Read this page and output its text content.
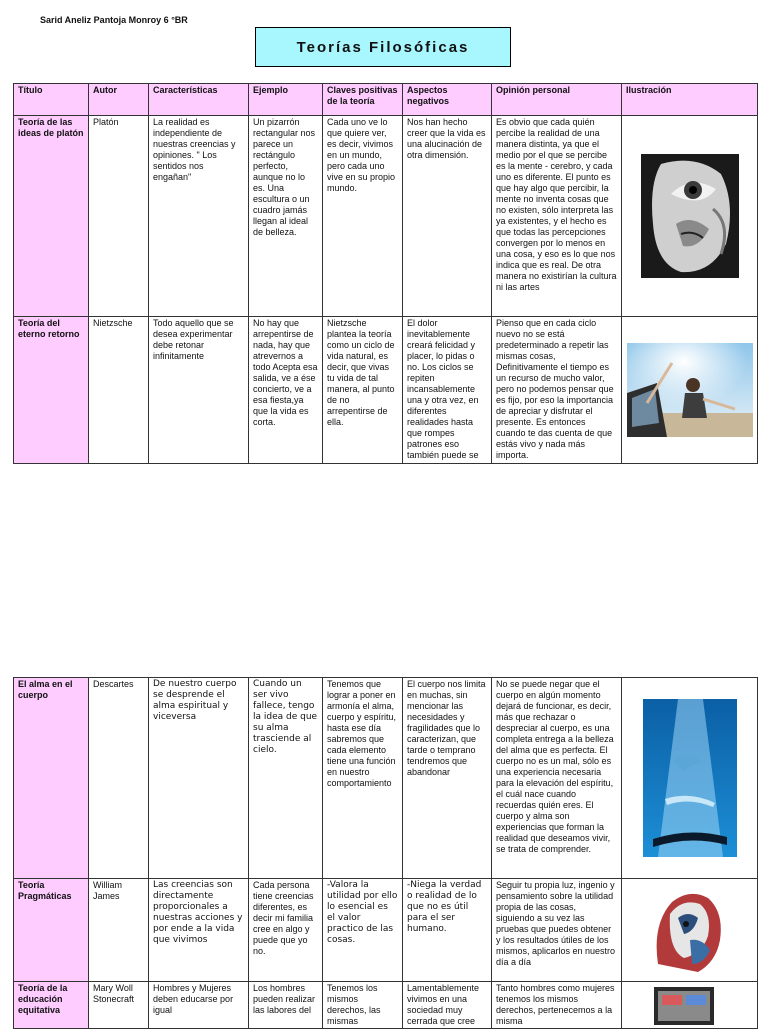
Sarid Aneliz Pantoja Monroy 6 °BR
Teorías Filosóficas
Título	Autor	Características	Ejemplo	Claves positivas de la teoría	Aspectos negativos	Opinión personal	Ilustración
Teoría de las ideas de platón	Platón	La realidad es independiente de nuestras creencias y opiniones. " Los sentidos nos engañan"	Un pizarrón rectangular nos parece un rectángulo perfecto, aunque no lo es. Una escultura o un cuadro jamás llegan al ideal de belleza.	Cada uno ve lo que quiere ver, es decir, vivimos en un mundo, pero cada uno vive en su propio mundo.	Nos han hecho creer que la vida es una alucinación de otra dimensión.	Es obvio que cada quién percibe la realidad de una manera distinta, ya que el medio por el que se percibe es la mente - cerebro, y cada uno es diferente. El punto es que hay algo que percibir, la mente no inventa cosas que no existen, sólo interpreta las ya existentes, y el hecho es que todas las percepciones convergen por lo menos en una cosa, y eso es lo que nos indica que es real. De otra manera no existirían la cultura ni las artes

Teoría del eterno retorno	Nietzsche	Todo aquello que se desea experimentar debe retonar infinitamente	No hay que arrepentirse de nada, hay que atrevernos a todo Acepta esa salida, ve a ése concierto, ve a esa fiesta,ya que la vida es corta.	Nietzsche plantea la teoría como un ciclo de vida natural, es decir, que vivas tu vida de tal manera, al punto de no arrepentirse de ella.	El dolor inevitablemente creará felicidad y placer, lo pidas o no. Los ciclos se repiten incansablemente una y otra vez, en diferentes realidades hasta que rompes patrones eso también puede se	Pienso que en cada ciclo nuevo no se está predeterminado a repetir las mismas cosas, Definitivamente el tiempo es un recurso de mucho valor, pero no podemos pensar que es fijo, por eso la importancia de apreciar y disfrutar el presente. Es entonces cuando te das cuenta de que estás vivo y nada más importa.	
El alma en el cuerpo	Descartes	De nuestro cuerpo se desprende el alma espiritual y viceversa	Cuando un ser vivo fallece, tengo la idea de que su alma trasciende al cielo.	Tenemos que lograr a poner en armonía el alma, cuerpo y espíritu, hasta ese día sabremos que cada elemento tiene una función en nuestro comportamiento	El cuerpo nos limita en muchas, sin mencionar las necesidades y fragilidades que lo caracterizan, que tarde o temprano tendremos que abandonar	No se puede negar que el cuerpo en algún momento dejará de funcionar, es decir, más que rechazar o despreciar al cuerpo, es una completa entrega a la belleza del alma que es perfecta. El cuerpo no es un mal, sólo es una experiencia necesaria para la elevación del espíritu, el cuál nace cuando recuerdas quién eres. El cuerpo y alma son experiencias que forman la realidad que deseamos vivir, se trata de comprender.	

Teoría Pragmáticas	William James	Las creencias son directamente proporcionales a nuestras acciones y por ende a la vida que vivimos	Cada persona tiene creencias diferentes, es decir mi familia cree en algo y puede que yo no.	-Valora la utilidad por ello lo esencial es el valor practico de las cosas.	-Niega la verdad o realidad de lo que no es útil para el ser humano.	Seguir tu propia luz, ingenio y pensamiento sobre la utilidad propia de las cosas, siguiendo a su vez las pruebas que puedes obtener y los resultados útiles de los mismos, aplicarlos en nuestro día a día	

Teoría de la educación equitativa	Mary Woll Stonecraft	Hombres y Mujeres deben educarse por igual	Los hombres pueden realizar las labores del	Tenemos los mismos derechos, las mismas	Lamentablemente vivimos en una sociedad muy cerrada que cree	Tanto hombres como mujeres tenemos los mismos derechos, pertenecemos a la misma	
